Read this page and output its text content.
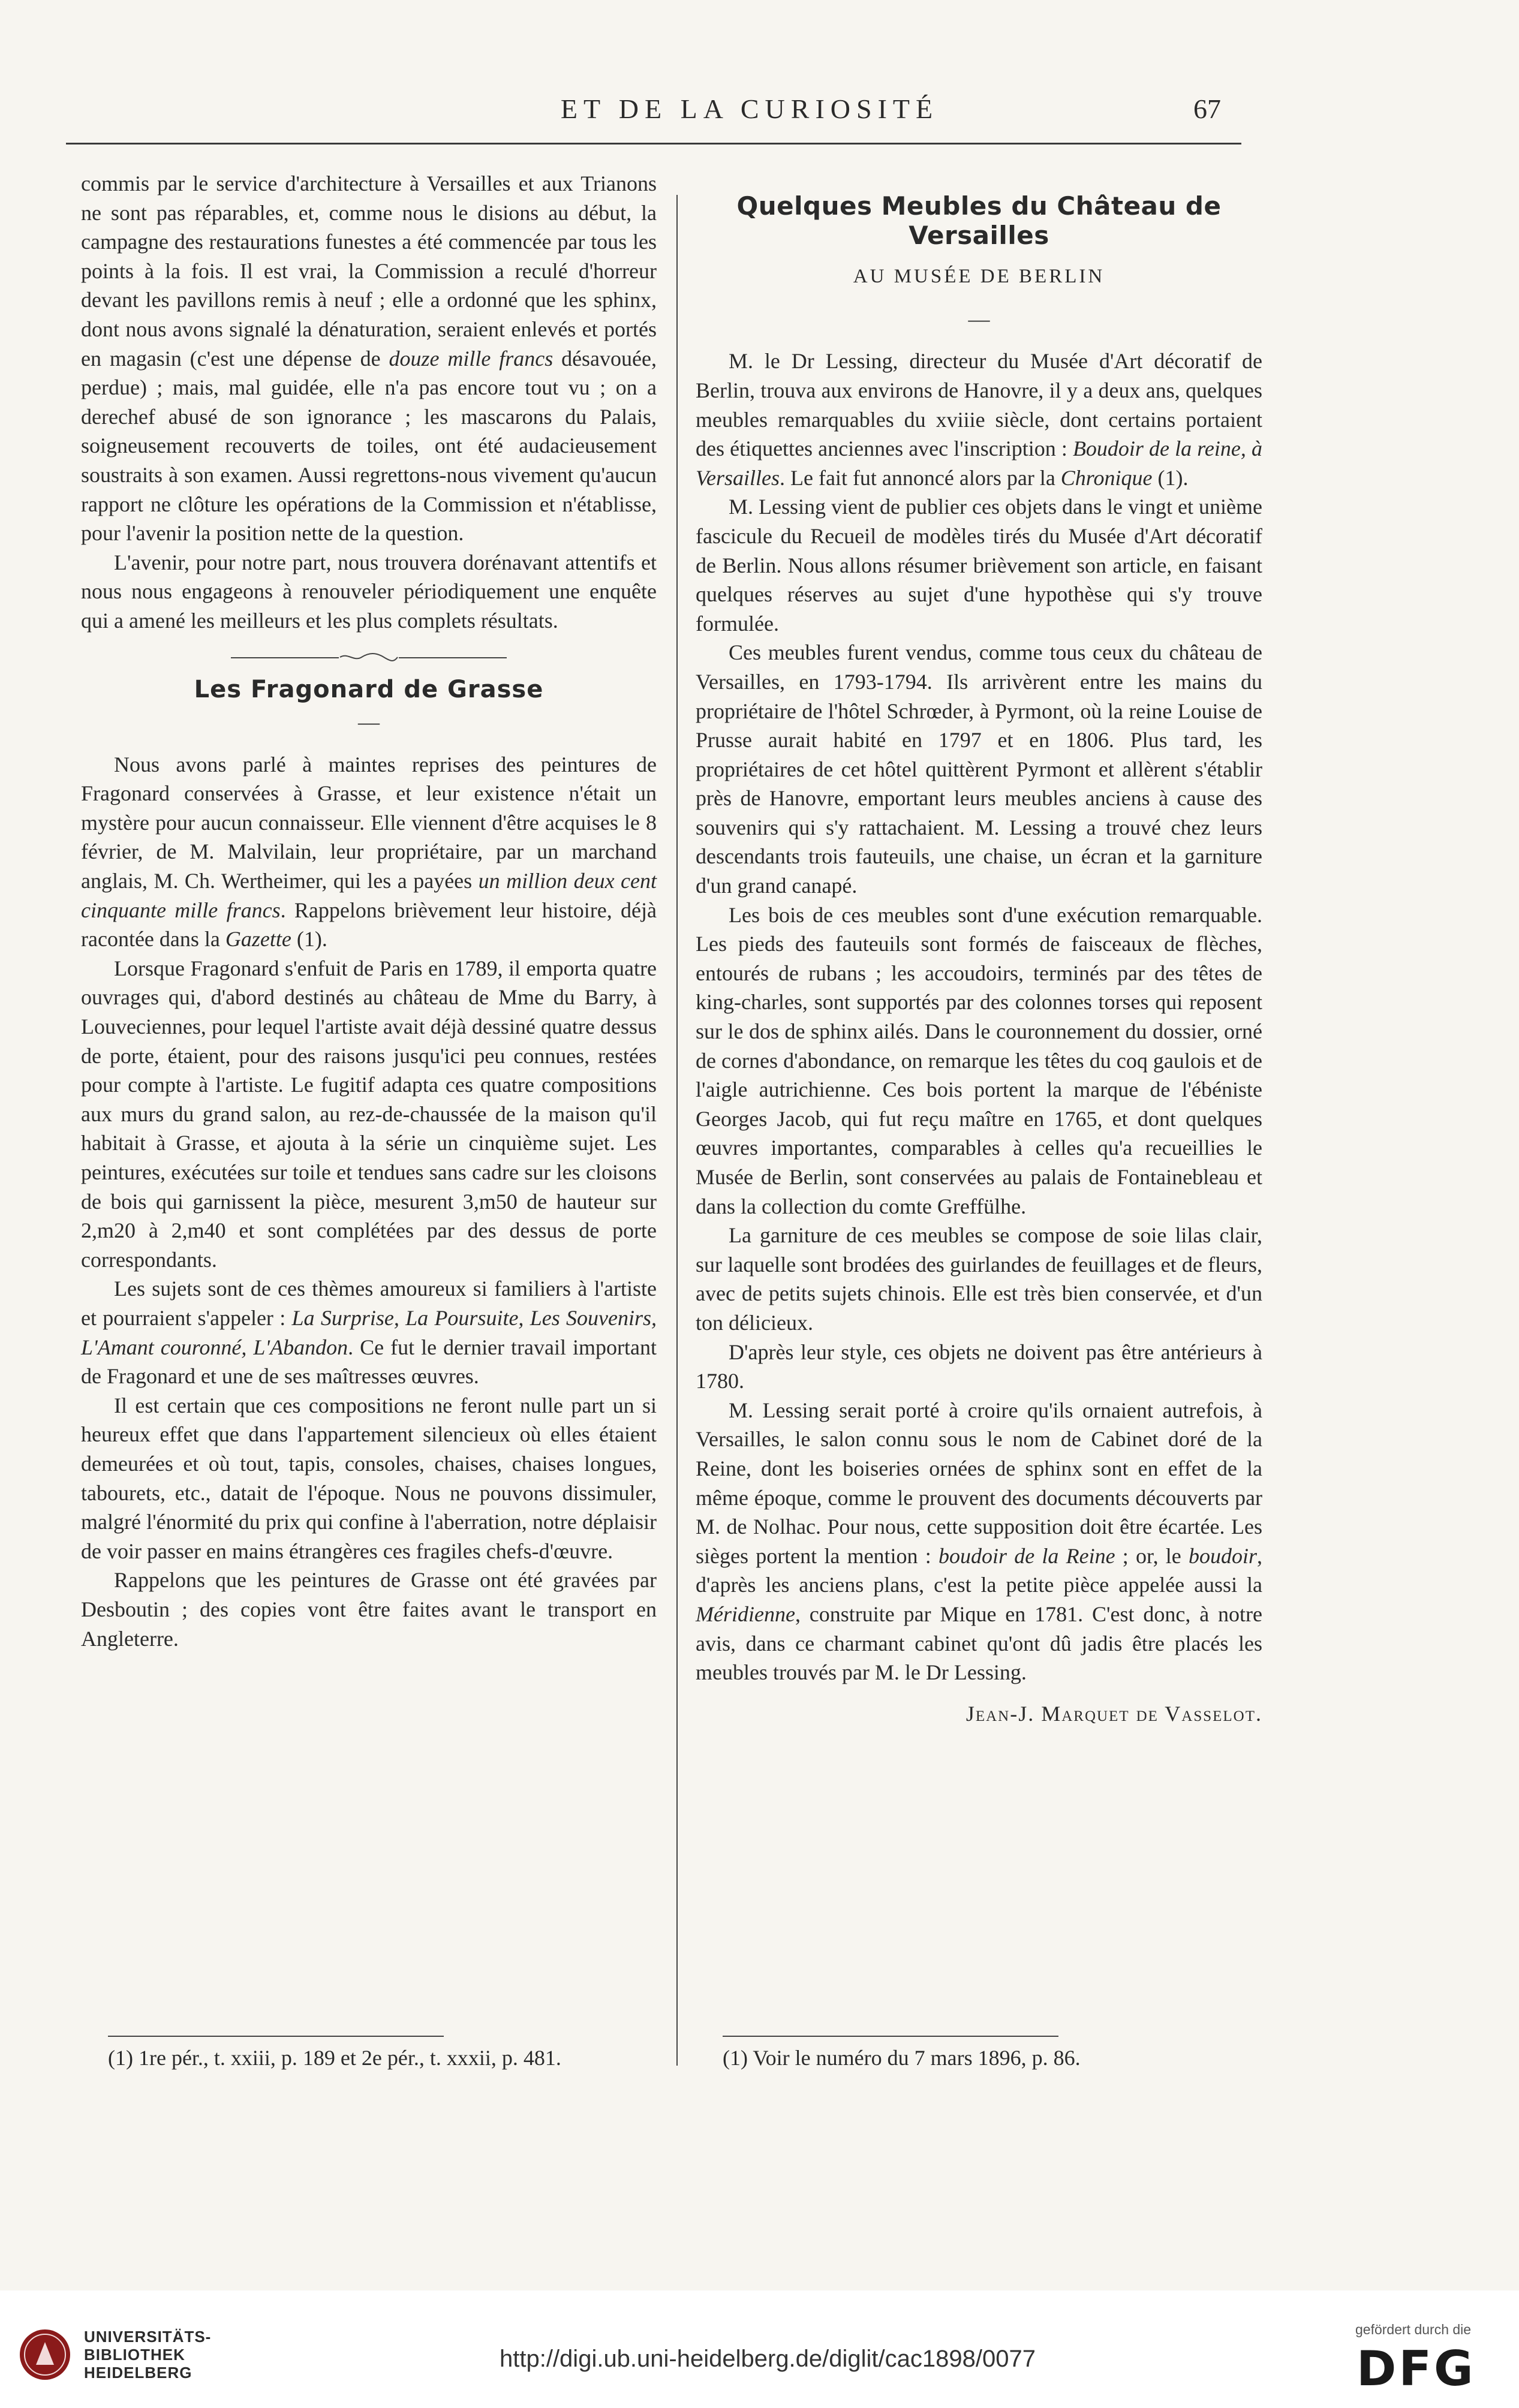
ET DE LA CURIOSITÉ	67

commis par le service d'architecture à Versailles et aux Trianons ne sont pas réparables, et, comme nous le disions au début, la campagne des restaurations funestes a été commencée par tous les points à la fois. Il est vrai, la Commission a reculé d'horreur devant les pavillons remis à neuf ; elle a ordonné que les sphinx, dont nous avons signalé la dénaturation, seraient enlevés et portés en magasin (c'est une dépense de douze mille francs désavouée, perdue) ; mais, mal guidée, elle n'a pas encore tout vu ; on a derechef abusé de son ignorance ; les mascarons du Palais, soigneusement recouverts de toiles, ont été audacieusement soustraits à son examen. Aussi regrettons-nous vivement qu'aucun rapport ne clôture les opérations de la Commission et n'établisse, pour l'avenir la position nette de la question.

L'avenir, pour notre part, nous trouvera dorénavant attentifs et nous nous engageons à renouveler périodiquement une enquête qui a amené les meilleurs et les plus complets résultats.

Les Fragonard de Grasse
—

Nous avons parlé à maintes reprises des peintures de Fragonard conservées à Grasse, et leur existence n'était un mystère pour aucun connaisseur. Elle viennent d'être acquises le 8 février, de M. Malvilain, leur propriétaire, par un marchand anglais, M. Ch. Wertheimer, qui les a payées un million deux cent cinquante mille francs. Rappelons brièvement leur histoire, déjà racontée dans la Gazette (1).

Lorsque Fragonard s'enfuit de Paris en 1789, il emporta quatre ouvrages qui, d'abord destinés au château de Mme du Barry, à Louveciennes, pour lequel l'artiste avait déjà dessiné quatre dessus de porte, étaient, pour des raisons jusqu'ici peu connues, restées pour compte à l'artiste. Le fugitif adapta ces quatre compositions aux murs du grand salon, au rez-de-chaussée de la maison qu'il habitait à Grasse, et ajouta à la série un cinquième sujet. Les peintures, exécutées sur toile et tendues sans cadre sur les cloisons de bois qui garnissent la pièce, mesurent 3,m50 de hauteur sur 2,m20 à 2,m40 et sont complétées par des dessus de porte correspondants.

Les sujets sont de ces thèmes amoureux si familiers à l'artiste et pourraient s'appeler : La Surprise, La Poursuite, Les Souvenirs, L'Amant couronné, L'Abandon. Ce fut le dernier travail important de Fragonard et une de ses maîtresses œuvres.

Il est certain que ces compositions ne feront nulle part un si heureux effet que dans l'appartement silencieux où elles étaient demeurées et où tout, tapis, consoles, chaises, chaises longues, tabourets, etc., datait de l'époque. Nous ne pouvons dissimuler, malgré l'énormité du prix qui confine à l'aberration, notre déplaisir de voir passer en mains étrangères ces fragiles chefs-d'œuvre.

Rappelons que les peintures de Grasse ont été gravées par Desboutin ; des copies vont être faites avant le transport en Angleterre.

Quelques Meubles du Château de Versailles
AU MUSÉE DE BERLIN
—

M. le Dr Lessing, directeur du Musée d'Art décoratif de Berlin, trouva aux environs de Hanovre, il y a deux ans, quelques meubles remarquables du xviiie siècle, dont certains portaient des étiquettes anciennes avec l'inscription : Boudoir de la reine, à Versailles. Le fait fut annoncé alors par la Chronique (1).

M. Lessing vient de publier ces objets dans le vingt et unième fascicule du Recueil de modèles tirés du Musée d'Art décoratif de Berlin. Nous allons résumer brièvement son article, en faisant quelques réserves au sujet d'une hypothèse qui s'y trouve formulée.

Ces meubles furent vendus, comme tous ceux du château de Versailles, en 1793-1794. Ils arrivèrent entre les mains du propriétaire de l'hôtel Schrœder, à Pyrmont, où la reine Louise de Prusse aurait habité en 1797 et en 1806. Plus tard, les propriétaires de cet hôtel quittèrent Pyrmont et allèrent s'établir près de Hanovre, emportant leurs meubles anciens à cause des souvenirs qui s'y rattachaient. M. Lessing a trouvé chez leurs descendants trois fauteuils, une chaise, un écran et la garniture d'un grand canapé.

Les bois de ces meubles sont d'une exécution remarquable. Les pieds des fauteuils sont formés de faisceaux de flèches, entourés de rubans ; les accoudoirs, terminés par des têtes de king-charles, sont supportés par des colonnes torses qui reposent sur le dos de sphinx ailés. Dans le couronnement du dossier, orné de cornes d'abondance, on remarque les têtes du coq gaulois et de l'aigle autrichienne. Ces bois portent la marque de l'ébéniste Georges Jacob, qui fut reçu maître en 1765, et dont quelques œuvres importantes, comparables à celles qu'a recueillies le Musée de Berlin, sont conservées au palais de Fontainebleau et dans la collection du comte Greffülhe.

La garniture de ces meubles se compose de soie lilas clair, sur laquelle sont brodées des guirlandes de feuillages et de fleurs, avec de petits sujets chinois. Elle est très bien conservée, et d'un ton délicieux.

D'après leur style, ces objets ne doivent pas être antérieurs à 1780.

M. Lessing serait porté à croire qu'ils ornaient autrefois, à Versailles, le salon connu sous le nom de Cabinet doré de la Reine, dont les boiseries ornées de sphinx sont en effet de la même époque, comme le prouvent des documents découverts par M. de Nolhac. Pour nous, cette supposition doit être écartée. Les sièges portent la mention : boudoir de la Reine ; or, le boudoir, d'après les anciens plans, c'est la petite pièce appelée aussi la Méridienne, construite par Mique en 1781. C'est donc, à notre avis, dans ce charmant cabinet qu'ont dû jadis être placés les meubles trouvés par M. le Dr Lessing.

Jean-J. Marquet de Vasselot.
(1) 1re pér., t. xxiii, p. 189 et 2e pér., t. xxxii, p. 481.	(1) Voir le numéro du 7 mars 1896, p. 86.
UNIVERSITÄTS-
BIBLIOTHEK
HEIDELBERG
http://digi.ub.uni-heidelberg.de/diglit/cac1898/0077
gefördert durch die
DFG
